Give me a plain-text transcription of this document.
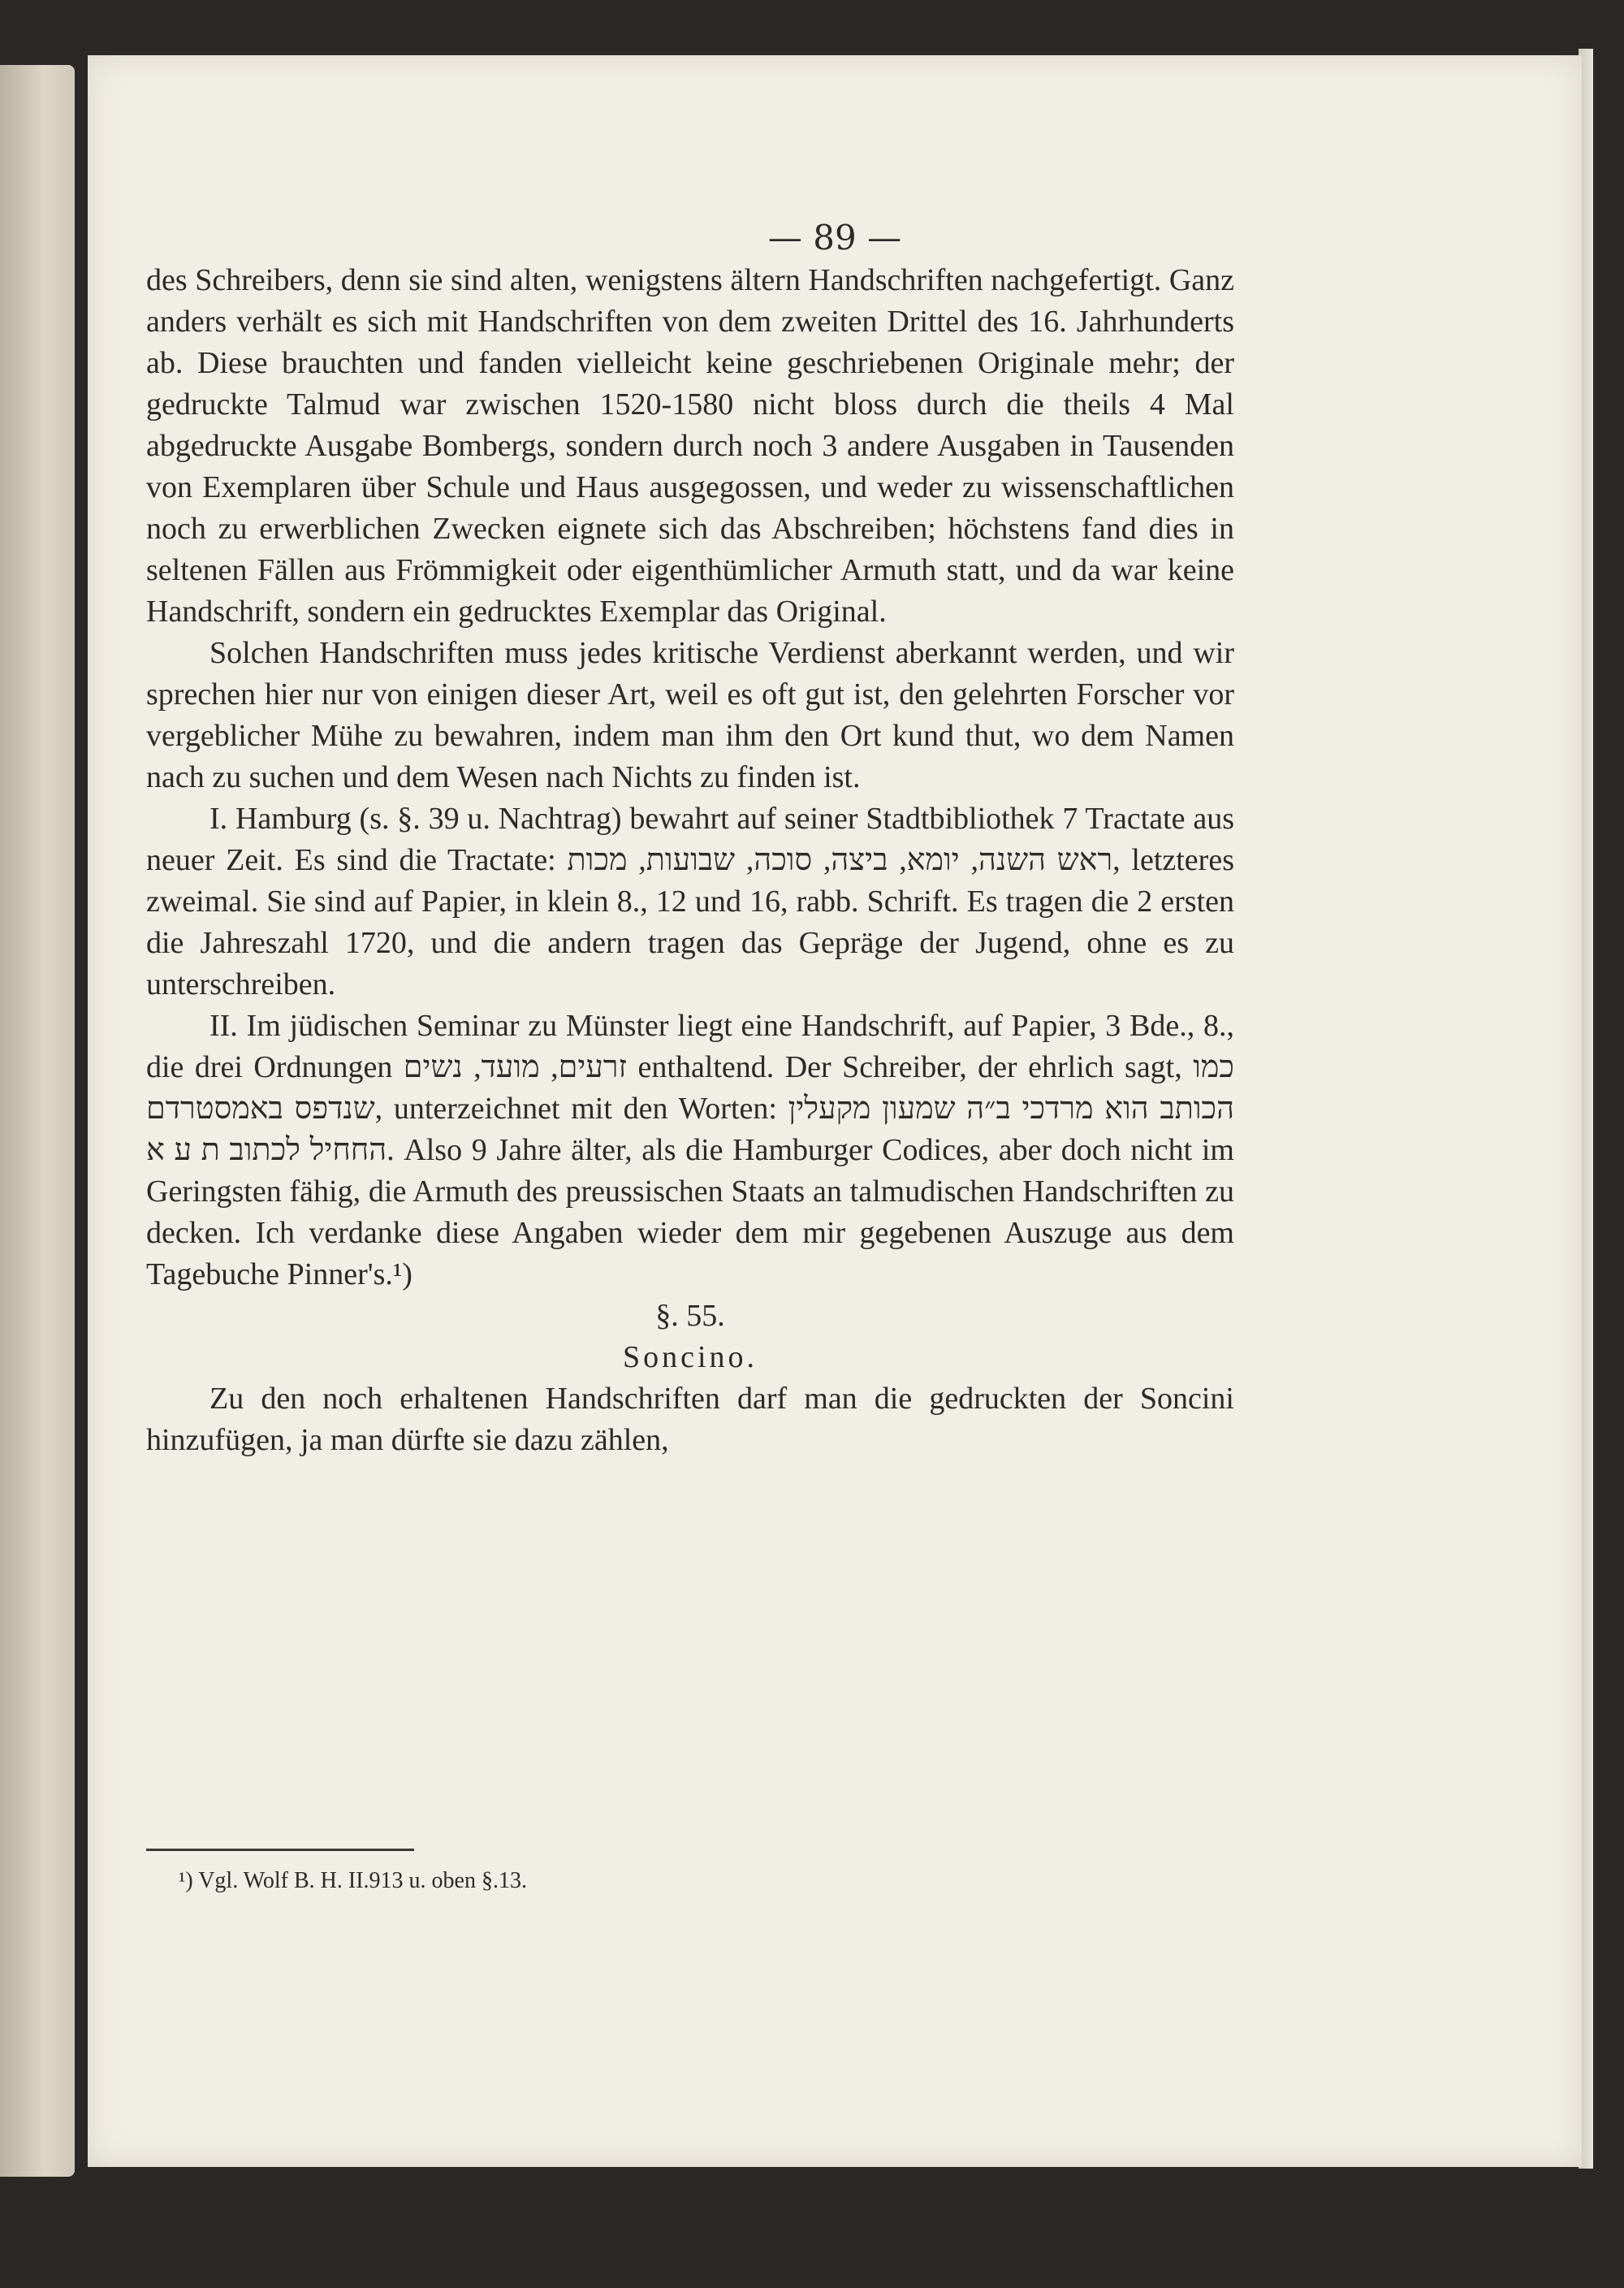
— 89 —

des Schreibers, denn sie sind alten, wenigstens ältern Handschriften nachgefertigt. Ganz anders verhält es sich mit Handschriften von dem zweiten Drittel des 16. Jahrhunderts ab. Diese brauchten und fanden vielleicht keine geschriebenen Originale mehr; der gedruckte Talmud war zwischen 1520-1580 nicht bloss durch die theils 4 Mal abgedruckte Ausgabe Bombergs, sondern durch noch 3 andere Ausgaben in Tausenden von Exemplaren über Schule und Haus ausgegossen, und weder zu wissenschaftlichen noch zu erwerblichen Zwecken eignete sich das Abschreiben; höchstens fand dies in seltenen Fällen aus Frömmigkeit oder eigenthümlicher Armuth statt, und da war keine Handschrift, sondern ein gedrucktes Exemplar das Original.

Solchen Handschriften muss jedes kritische Verdienst aberkannt werden, und wir sprechen hier nur von einigen dieser Art, weil es oft gut ist, den gelehrten Forscher vor vergeblicher Mühe zu bewahren, indem man ihm den Ort kund thut, wo dem Namen nach zu suchen und dem Wesen nach Nichts zu finden ist.

I. Hamburg (s. §. 39 u. Nachtrag) bewahrt auf seiner Stadtbibliothek 7 Tractate aus neuer Zeit. Es sind die Tractate: ראש השנה, יומא, ביצה, סוכה, שבועות, מכות, letzteres zweimal. Sie sind auf Papier, in klein 8., 12 und 16, rabb. Schrift. Es tragen die 2 ersten die Jahreszahl 1720, und die andern tragen das Gepräge der Jugend, ohne es zu unterschreiben.

II. Im jüdischen Seminar zu Münster liegt eine Handschrift, auf Papier, 3 Bde., 8., die drei Ordnungen זרעים, מועד, נשים enthaltend. Der Schreiber, der ehrlich sagt, כמו שנדפס באמסטרדם, unterzeichnet mit den Worten: הכותב הוא מרדכי ב״ה שמעון מקעלין החחיל לכתוב ת ע א. Also 9 Jahre älter, als die Hamburger Codices, aber doch nicht im Geringsten fähig, die Armuth des preussischen Staats an talmudischen Handschriften zu decken. Ich verdanke diese Angaben wieder dem mir gegebenen Auszuge aus dem Tagebuche Pinner's.¹)

§. 55.

Soncino.

Zu den noch erhaltenen Handschriften darf man die gedruckten der Soncini hinzufügen, ja man dürfte sie dazu zählen,

¹) Vgl. Wolf B. H. II.913 u. oben §.13.
